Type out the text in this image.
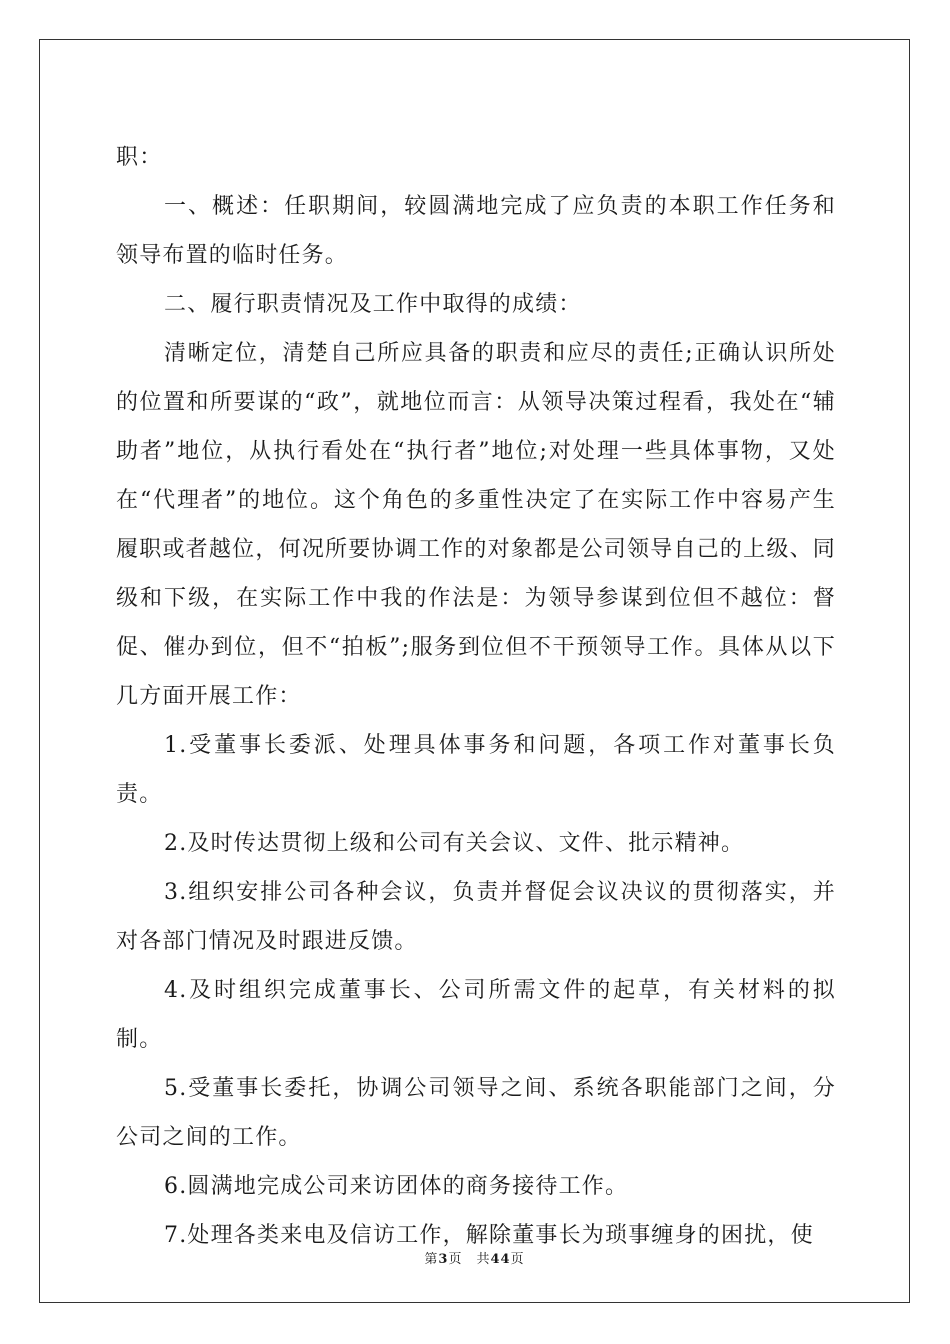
职：

一、概述：任职期间，较圆满地完成了应负责的本职工作任务和领导布置的临时任务。

二、履行职责情况及工作中取得的成绩：

清晰定位，清楚自己所应具备的职责和应尽的责任;正确认识所处的位置和所要谋的“政”，就地位而言：从领导决策过程看，我处在“辅助者”地位，从执行看处在“执行者”地位;对处理一些具体事物，又处在“代理者”的地位。这个角色的多重性决定了在实际工作中容易产生履职或者越位，何况所要协调工作的对象都是公司领导自己的上级、同级和下级，在实际工作中我的作法是：为领导参谋到位但不越位：督促、催办到位，但不“拍板”;服务到位但不干预领导工作。具体从以下几方面开展工作：

1.受董事长委派、处理具体事务和问题，各项工作对董事长负责。

2.及时传达贯彻上级和公司有关会议、文件、批示精神。

3.组织安排公司各种会议，负责并督促会议决议的贯彻落实，并对各部门情况及时跟进反馈。

4.及时组织完成董事长、公司所需文件的起草，有关材料的拟制。

5.受董事长委托，协调公司领导之间、系统各职能部门之间，分公司之间的工作。

6.圆满地完成公司来访团体的商务接待工作。

7.处理各类来电及信访工作，解除董事长为琐事缠身的困扰，使

第3页　共44页
